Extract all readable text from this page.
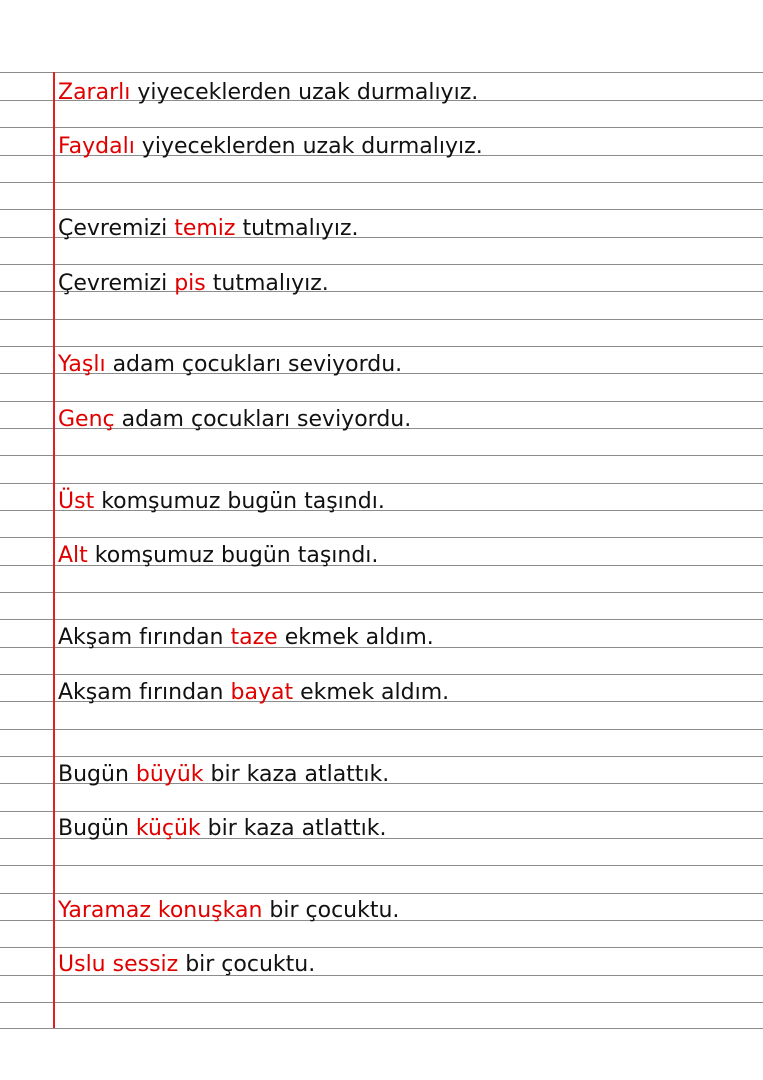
Zararlı yiyeceklerden uzak durmalıyız.
Faydalı yiyeceklerden uzak durmalıyız.
Çevremizi temiz tutmalıyız.
Çevremizi pis tutmalıyız.
Yaşlı adam çocukları seviyordu.
Genç adam çocukları seviyordu.
Üst komşumuz bugün taşındı.
Alt komşumuz bugün taşındı.
Akşam fırından taze ekmek aldım.
Akşam fırından bayat ekmek aldım.
Bugün büyük bir kaza atlattık.
Bugün küçük bir kaza atlattık.
Yaramaz konuşkan bir çocuktu.
Uslu sessiz bir çocuktu.
